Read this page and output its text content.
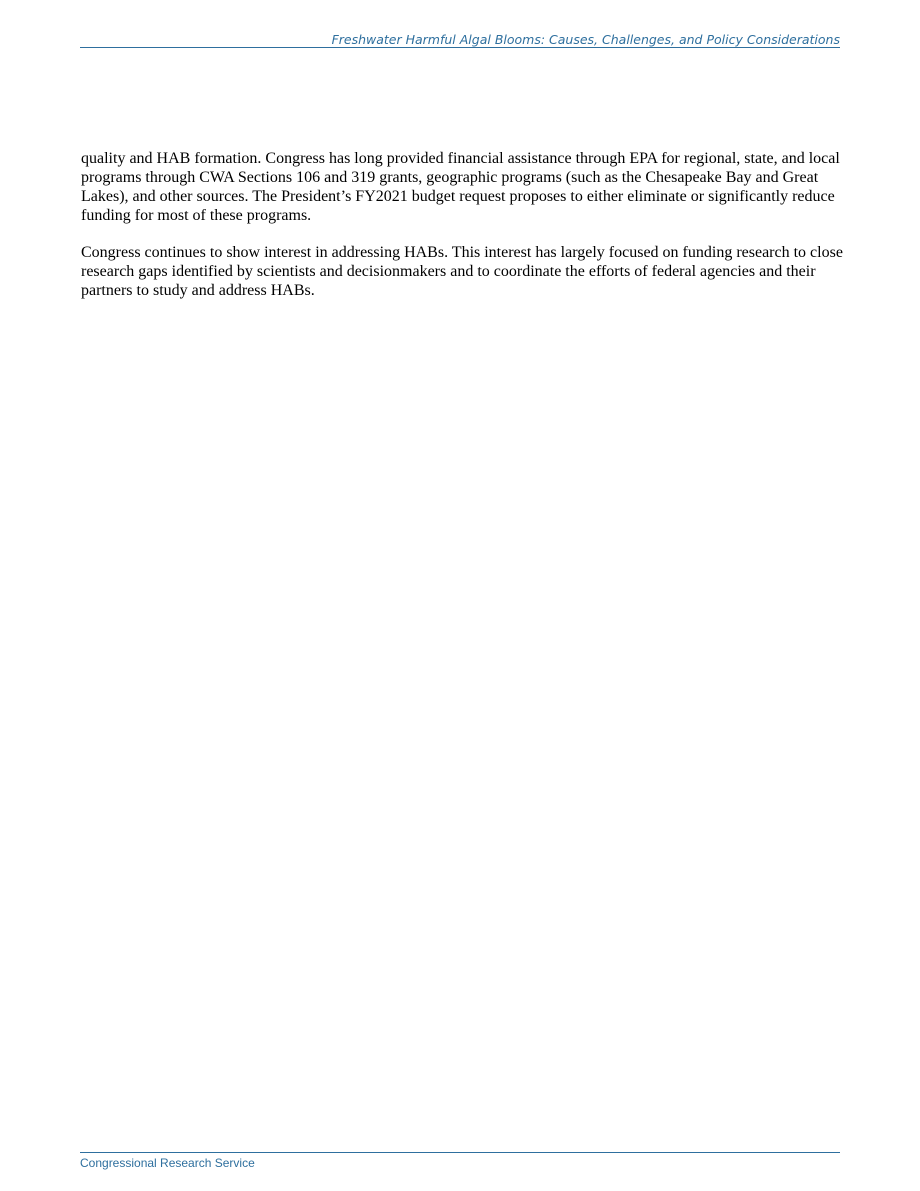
Freshwater Harmful Algal Blooms: Causes, Challenges, and Policy Considerations

quality and HAB formation. Congress has long provided financial assistance through EPA for regional, state, and local programs through CWA Sections 106 and 319 grants, geographic programs (such as the Chesapeake Bay and Great Lakes), and other sources. The President’s FY2021 budget request proposes to either eliminate or significantly reduce funding for most of these programs.

Congress continues to show interest in addressing HABs. This interest has largely focused on funding research to close research gaps identified by scientists and decisionmakers and to coordinate the efforts of federal agencies and their partners to study and address HABs.

Congressional Research Service
